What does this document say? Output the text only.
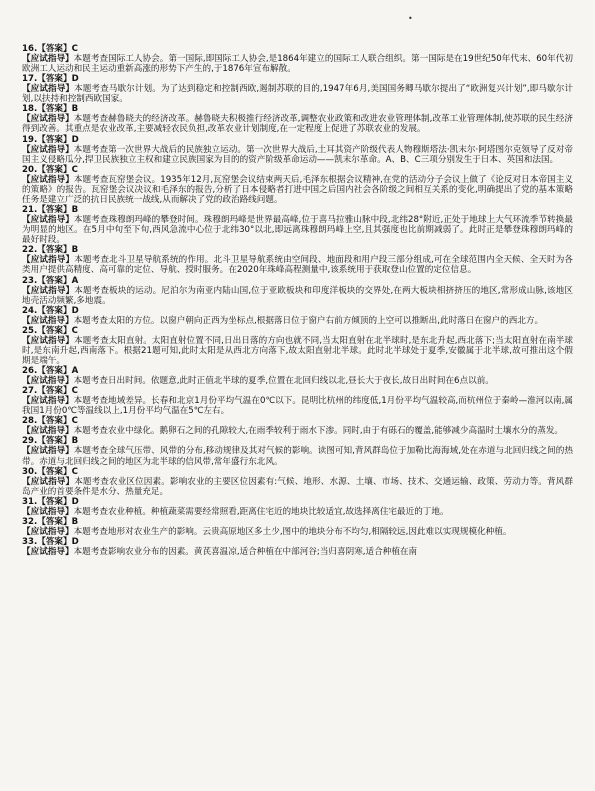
•
16.【答案】C
【应试指导】本题考查国际工人协会。第一国际,即国际工人协会,是1864年建立的国际工人联合组织。第一国际是在19世纪50年代末、60年代初欧洲工人运动和民主运动重新高涨的形势下产生的,于1876年宣布解散。
17.【答案】D
【应试指导】本题考查马歇尔计划。为了达到稳定和控制西欧,遏制苏联的目的,1947年6月,美国国务卿马歇尔提出了“欧洲复兴计划”,即马歇尔计划,以扶持和控制西欧国家。
18.【答案】B
【应试指导】本题考查赫鲁晓夫的经济改革。赫鲁晓夫积极推行经济改革,调整农业政策和改进农业管理体制,改革工业管理体制,使苏联的民生经济得到改善。其重点是农业改革,主要减轻农民负担,改革农业计划制度,在一定程度上促进了苏联农业的发展。
19.【答案】D
【应试指导】本题考查第一次世界大战后的民族独立运动。第一次世界大战后,土耳其资产阶级代表人物穆斯塔法·凯末尔·阿塔图尔克领导了反对帝国主义侵略瓜分,捍卫民族独立主权和建立民族国家为目的的资产阶级革命运动——凯末尔革命。A、B、C三项分别发生于日本、英国和法国。
20.【答案】C
【应试指导】本题考查瓦窑堡会议。1935年12月,瓦窑堡会议结束两天后,毛泽东根据会议精神,在党的活动分子会议上做了《论反对日本帝国主义的策略》的报告。瓦窑堡会议决议和毛泽东的报告,分析了日本侵略者打进中国之后国内社会各阶级之间相互关系的变化,明确提出了党的基本策略任务是建立广泛的抗日民族统一战线,从而解决了党的政治路线问题。
21.【答案】B
【应试指导】本题考查珠穆朗玛峰的攀登时间。珠穆朗玛峰是世界最高峰,位于喜马拉雅山脉中段,北纬28°附近,正处于地球上大气环流季节转换最为明显的地区。在5月中旬至下旬,西风急流中心位于北纬30°以北,即远离珠穆朗玛峰上空,且其强度也比前期减弱了。此时正是攀登珠穆朗玛峰的最好时段。
22.【答案】B
【应试指导】本题考查北斗卫星导航系统的作用。北斗卫星导航系统由空间段、地面段和用户段三部分组成,可在全球范围内全天候、全天时为各类用户提供高精度、高可靠的定位、导航、授时服务。在2020年珠峰高程测量中,该系统用于获取登山位置的定位信息。
23.【答案】A
【应试指导】本题考查板块的运动。尼泊尔为南亚内陆山国,位于亚欧板块和印度洋板块的交界处,在两大板块相挤挤压的地区,常形成山脉,该地区地壳活动频繁,多地震。
24.【答案】D
【应试指导】本题考查太阳的方位。以窗户朝向正西为坐标点,根据落日位于窗户右前方倾顶的上空可以推断出,此时落日在窗户的西北方。
25.【答案】C
【应试指导】本题考查太阳直射。太阳直射位置不同,日出日落的方向也就不同,当太阳直射在北半球时,是东北升起,西北落下;当太阳直射在南半球时,是东南升起,西南落下。根据21题可知,此时太阳是从西北方向落下,故太阳直射北半球。此时北半球处于夏季,安徽属于北半球,故可推出这个假期是端午。
26.【答案】A
【应试指导】本题考查日出时间。依题意,此时正值北半球的夏季,位置在北回归线以北,昼长大于夜长,故日出时间在6点以前。
27.【答案】C
【应试指导】本题考查地域差异。长春和北京1月份平均气温在0℃以下。昆明比杭州的纬度低,1月份平均气温较高,而杭州位于秦岭—淮河以南,属我国1月份0℃等温线以上,1月份平均气温在5℃左右。
28.【答案】C
【应试指导】本题考查农业中绿化。鹅卵石之间的孔隙较大,在雨季较利于雨水下渗。同时,由于有砾石的覆盖,能够减少高温时土壤水分的蒸发。
29.【答案】B
【应试指导】本题考查全球气压带、风带的分布,移动规律及其对气候的影响。读图可知,背风群岛位于加勒比海海域,处在赤道与北回归线之间的热带。赤道与北回归线之间的地区为北半球的信风带,常年盛行东北风。
30.【答案】C
【应试指导】本题考查农业区位因素。影响农业的主要区位因素有:气候、地形、水源、土壤、市场、技术、交通运输、政策、劳动力等。背风群岛产业的首要条件是水分、热量充足。
31.【答案】D
【应试指导】本题考查农业种植。种植蔬菜需要经常照看,距离住宅近的地块比较适宜,故选择离住宅最近的丁地。
32.【答案】B
【应试指导】本题考查地形对农业生产的影响。云贵高原地区多土少,图中的地块分布不均匀,相隔较远,因此难以实现规模化种植。
33.【答案】D
【应试指导】本题考查影响农业分布的因素。黄芪喜温凉,适合种植在中部河谷;当归喜阴寒,适合种植在南
